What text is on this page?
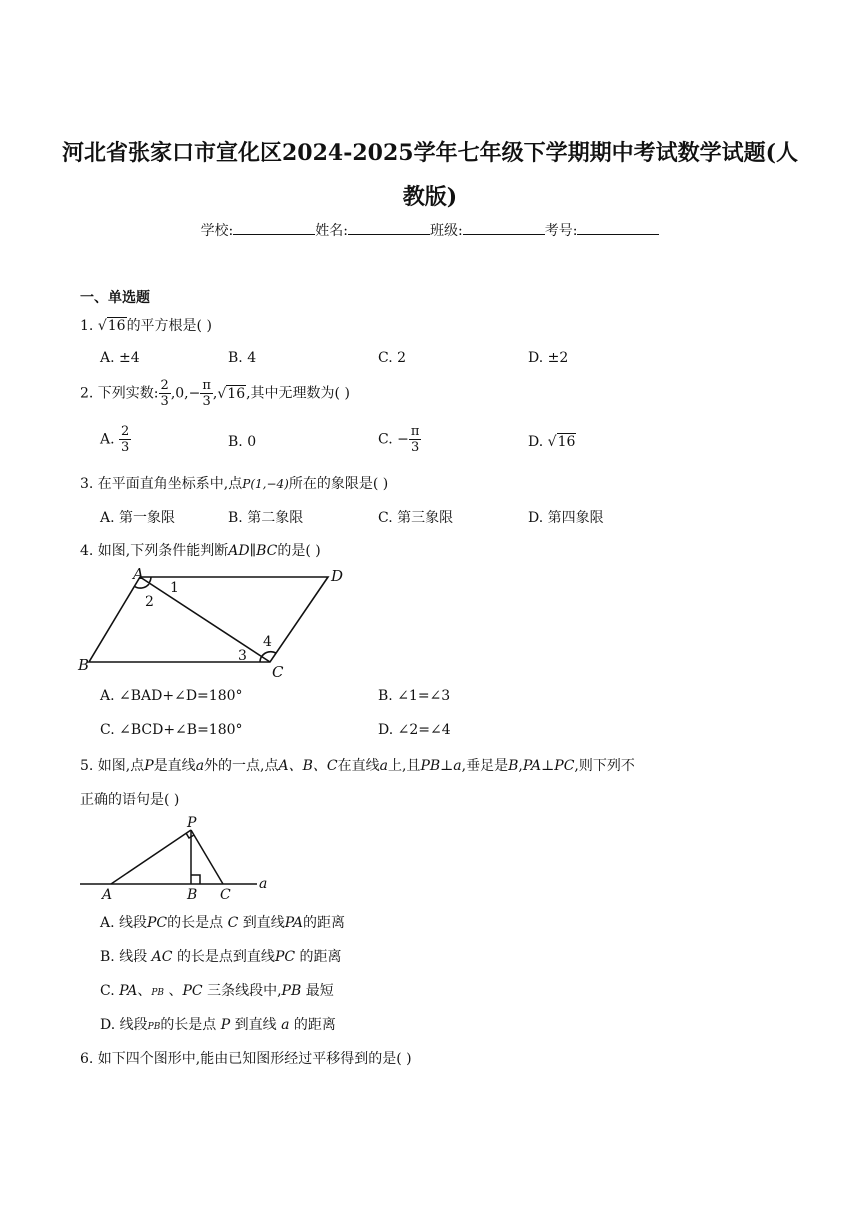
河北省张家口市宣化区2024-2025学年七年级下学期期中考试数学试题(人
教版)
学校:	姓名:	班级:	考号:
一、单选题
1. √16的平方根是( )
A. ±4	B. 4	C. 2	D. ±2
2. 下列实数: $\frac{2}{3} ,0,- \frac{\pi}{3} ,√16$,其中无理数为( )
A. $\frac{2}{3}$	B. 0	C. − $\frac{\pi}{3}$	D. √16
3. 在平面直角坐标系中,点P(1,−4)所在的象限是( )
A. 第一象限	B. 第二象限	C. 第三象限	D. 第四象限
4. 如图,下列条件能判断AD∥BC的是( )
A	D
B	C
1
2
3
4
A. ∠BAD+∠D=180°	B. ∠1=∠3
C. ∠BCD+∠B=180°	D. ∠2=∠4
5. 如图,点P是直线a外的一点,点A、B、C在直线a上,且PB⊥a,垂足是B,PA⊥PC,则下列不
正确的语句是( )
P
A	B C
a
A. 线段PC的长是点 C 到直线PA的距离
B. 线段 AC 的长是点到直线PC 的距离
C. PA、PB 、PC 三条线段中,PB 最短
D. 线段PB的长是点 P 到直线 a 的距离
6. 如下四个图形中,能由已知图形经过平移得到的是( )
